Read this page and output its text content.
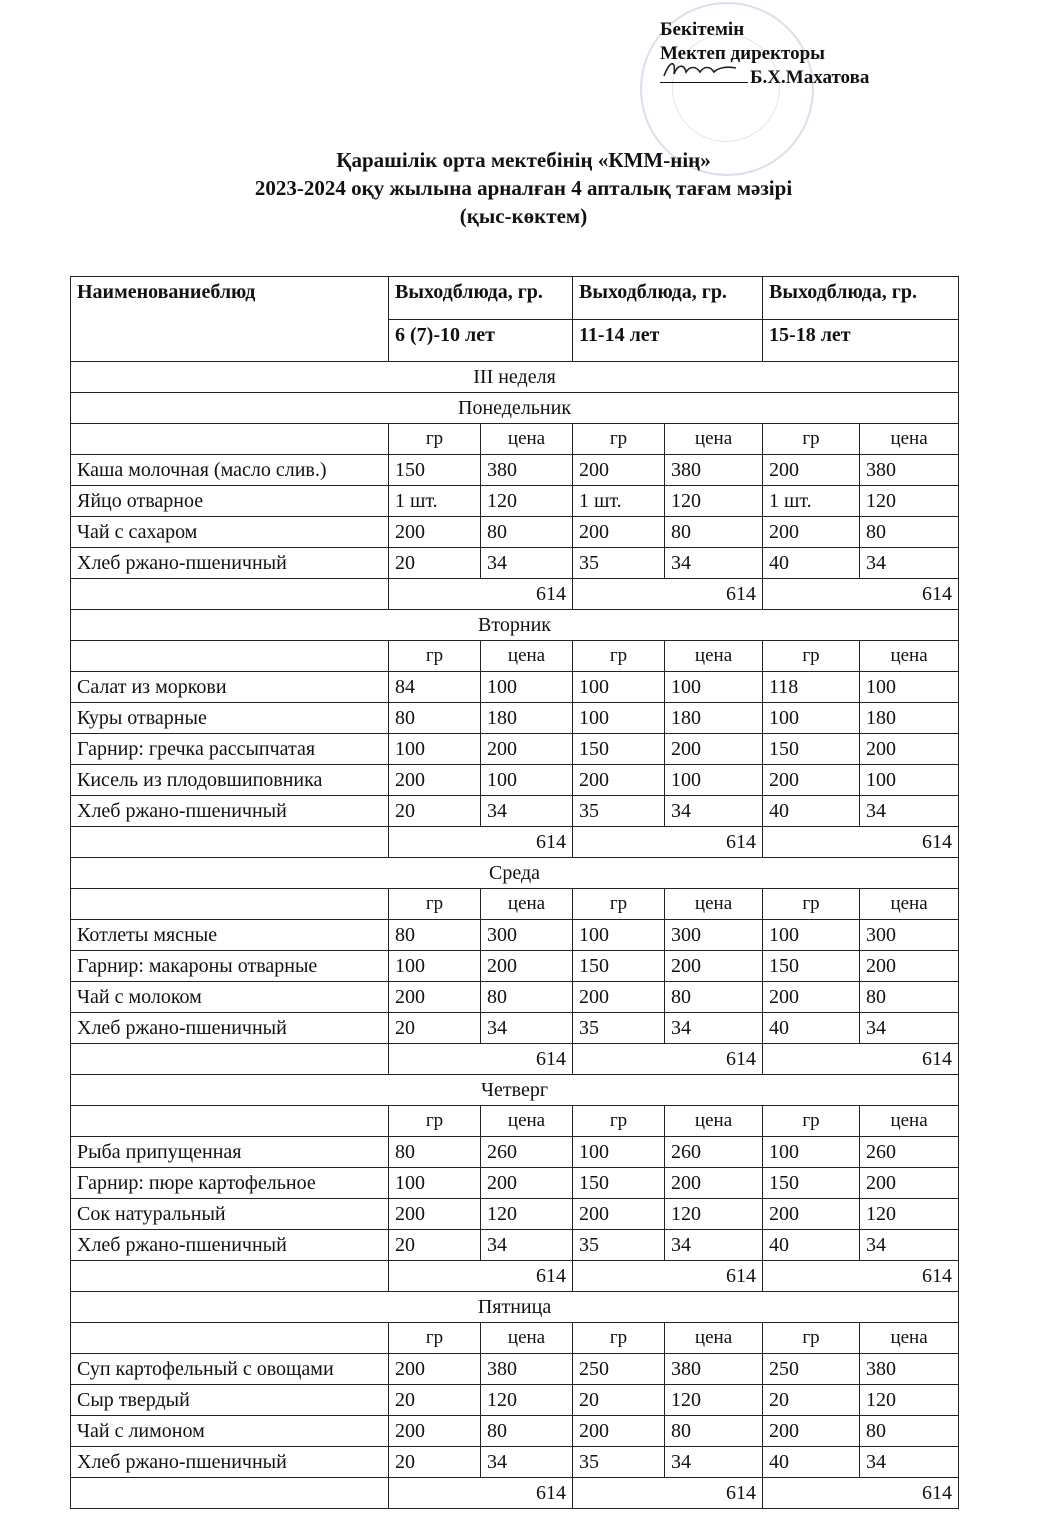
Бекітемін
Мектеп директоры
Б.Х.Махатова
Қарашілік орта мектебінің «КММ-нің»
2023-2024 оқу жылына арналған 4 апталық тағам мәзірі
(қыс-көктем)
Наименованиеблюд	Выходблюда, гр.		Выходблюда, гр.		Выходблюда, гр.	
	6 (7)-10 лет		11-14 лет		15-18 лет	
III неделя						
Понедельник						
	гр	цена	гр	цена	гр	цена
Каша молочная (масло слив.)	150	380	200	380	200	380
Яйцо отварное	1 шт.	120	1 шт.	120	1 шт.	120
Чай с сахаром	200	80	200	80	200	80
Хлеб ржано-пшеничный	20	34	35	34	40	34
	614		614		614	
Вторник						
	гр	цена	гр	цена	гр	цена
Салат из моркови	84	100	100	100	118	100
Куры отварные	80	180	100	180	100	180
Гарнир: гречка рассыпчатая	100	200	150	200	150	200
Кисель из плодовшиповника	200	100	200	100	200	100
Хлеб ржано-пшеничный	20	34	35	34	40	34
	614		614		614	
Среда						
	гр	цена	гр	цена	гр	цена
Котлеты мясные	80	300	100	300	100	300
Гарнир: макароны отварные	100	200	150	200	150	200
Чай с молоком	200	80	200	80	200	80
Хлеб ржано-пшеничный	20	34	35	34	40	34
	614		614		614	
Четверг						
	гр	цена	гр	цена	гр	цена
Рыба припущенная	80	260	100	260	100	260
Гарнир: пюре картофельное	100	200	150	200	150	200
Сок натуральный	200	120	200	120	200	120
Хлеб ржано-пшеничный	20	34	35	34	40	34
	614		614		614	
Пятница						
	гр	цена	гр	цена	гр	цена
Суп картофельный с овощами	200	380	250	380	250	380
Сыр твердый	20	120	20	120	20	120
Чай с лимоном	200	80	200	80	200	80
Хлеб ржано-пшеничный	20	34	35	34	40	34
	614		614		614	
